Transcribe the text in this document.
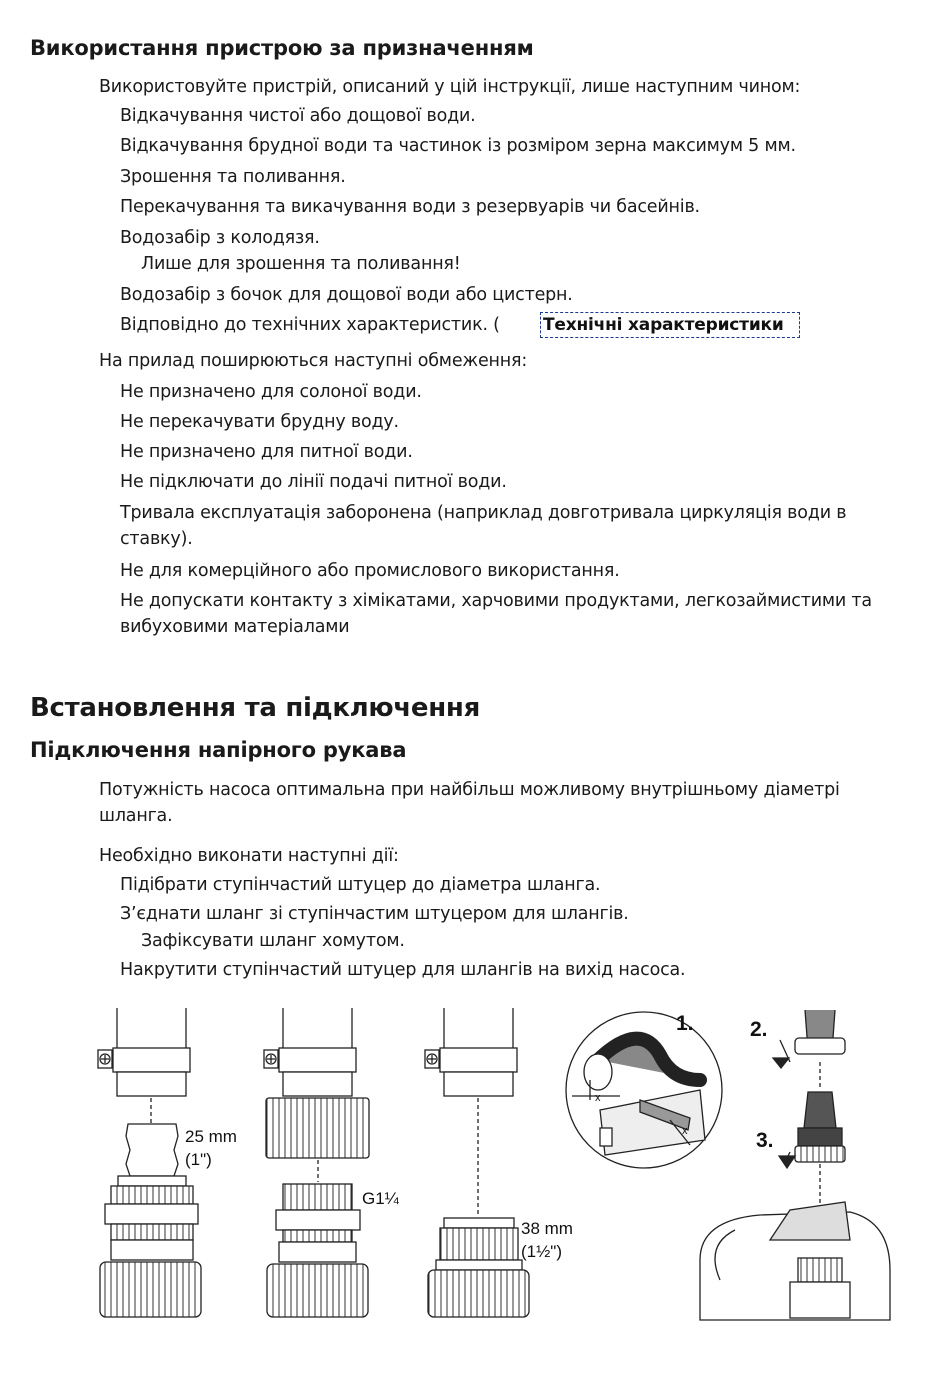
Використання пристрою за призначенням
Використовуйте пристрій, описаний у цій інструкції, лише наступним чином:
Відкачування чистої або дощової води.
Відкачування брудної води та частинок із розміром зерна максимум 5 мм.
Зрошення та поливання.
Перекачування та викачування води з резервуарів чи басейнів.
Водозабір з колодязя.
Лише для зрошення та поливання!
Водозабір з бочок для дощової води або цистерн.
Відповідно до технічних характеристик. (	Технічні характеристики
На прилад поширюються наступні обмеження:
Не призначено для солоної води.
Не перекачувати брудну воду.
Не призначено для питної води.
Не підключати до лінії подачі питної води.
Тривала експлуатація заборонена (наприклад довготривала циркуляція води в ставку).
Не для комерційного або промислового використання.
Не допускати контакту з хімікатами, харчовими продуктами, легкозаймистими та вибуховими матеріалами
Встановлення та підключення
Підключення напірного рукава
Потужність насоса оптимальна при найбільш можливому внутрішньому діаметрі шланга.
Необхідно виконати наступні дії:
Підібрати ступінчастий штуцер до діаметра шланга.
З’єднати шланг зі ступінчастим штуцером для шлангів.
Зафіксувати шланг хомутом.
Накрутити ступінчастий штуцер для шлангів на вихід насоса.
25 mm
(1")
G1¼
38 mm
(1½")
x
x
1.	2.
3.
